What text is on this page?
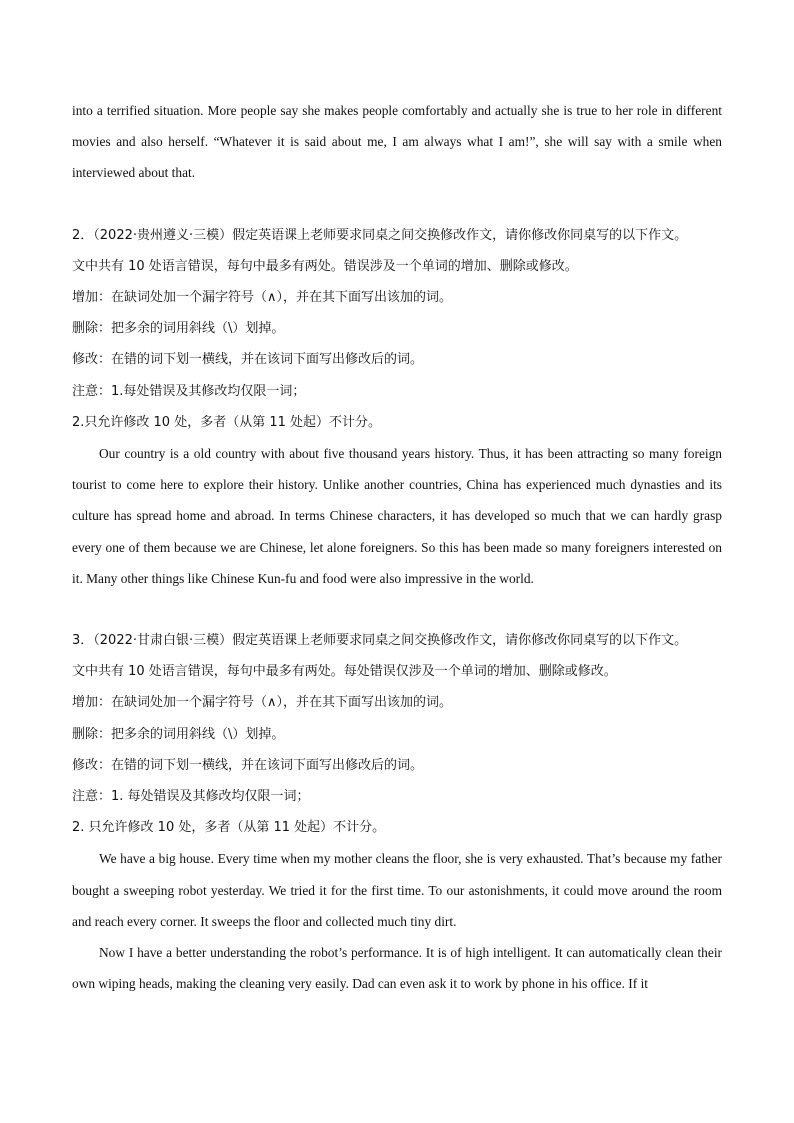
into a terrified situation. More people say she makes people comfortably and actually she is true to her role in different movies and also herself. “Whatever it is said about me, I am always what I am!”, she will say with a smile when interviewed about that.

2．（2022·贵州遵义·三模）假定英语课上老师要求同桌之间交换修改作文，请你修改你同桌写的以下作文。

文中共有 10 处语言错误，每句中最多有两处。错误涉及一个单词的增加、删除或修改。

增加：在缺词处加一个漏字符号（∧），并在其下面写出该加的词。

删除：把多余的词用斜线（\）划掉。

修改：在错的词下划一横线，并在该词下面写出修改后的词。

注意：1.每处错误及其修改均仅限一词；

2.只允许修改 10 处，多者（从第 11 处起）不计分。

Our country is a old country with about five thousand years history. Thus, it has been attracting so many foreign tourist to come here to explore their history. Unlike another countries, China has experienced much dynasties and its culture has spread home and abroad. In terms Chinese characters, it has developed so much that we can hardly grasp every one of them because we are Chinese, let alone foreigners. So this has been made so many foreigners interested on it. Many other things like Chinese Kun-fu and food were also impressive in the world.

3．（2022·甘肃白银·三模）假定英语课上老师要求同桌之间交换修改作文，请你修改你同桌写的以下作文。

文中共有 10 处语言错误，每句中最多有两处。每处错误仅涉及一个单词的增加、删除或修改。

增加：在缺词处加一个漏字符号（∧），并在其下面写出该加的词。

删除：把多余的词用斜线（\）划掉。

修改：在错的词下划一横线，并在该词下面写出修改后的词。

注意：1. 每处错误及其修改均仅限一词；

2. 只允许修改 10 处，多者（从第 11 处起）不计分。

We have a big house. Every time when my mother cleans the floor, she is very exhausted. That’s because my father bought a sweeping robot yesterday. We tried it for the first time. To our astonishments, it could move around the room and reach every corner. It sweeps the floor and collected much tiny dirt.

Now I have a better understanding the robot’s performance. It is of high intelligent. It can automatically clean their own wiping heads, making the cleaning very easily. Dad can even ask it to work by phone in his office. If it
